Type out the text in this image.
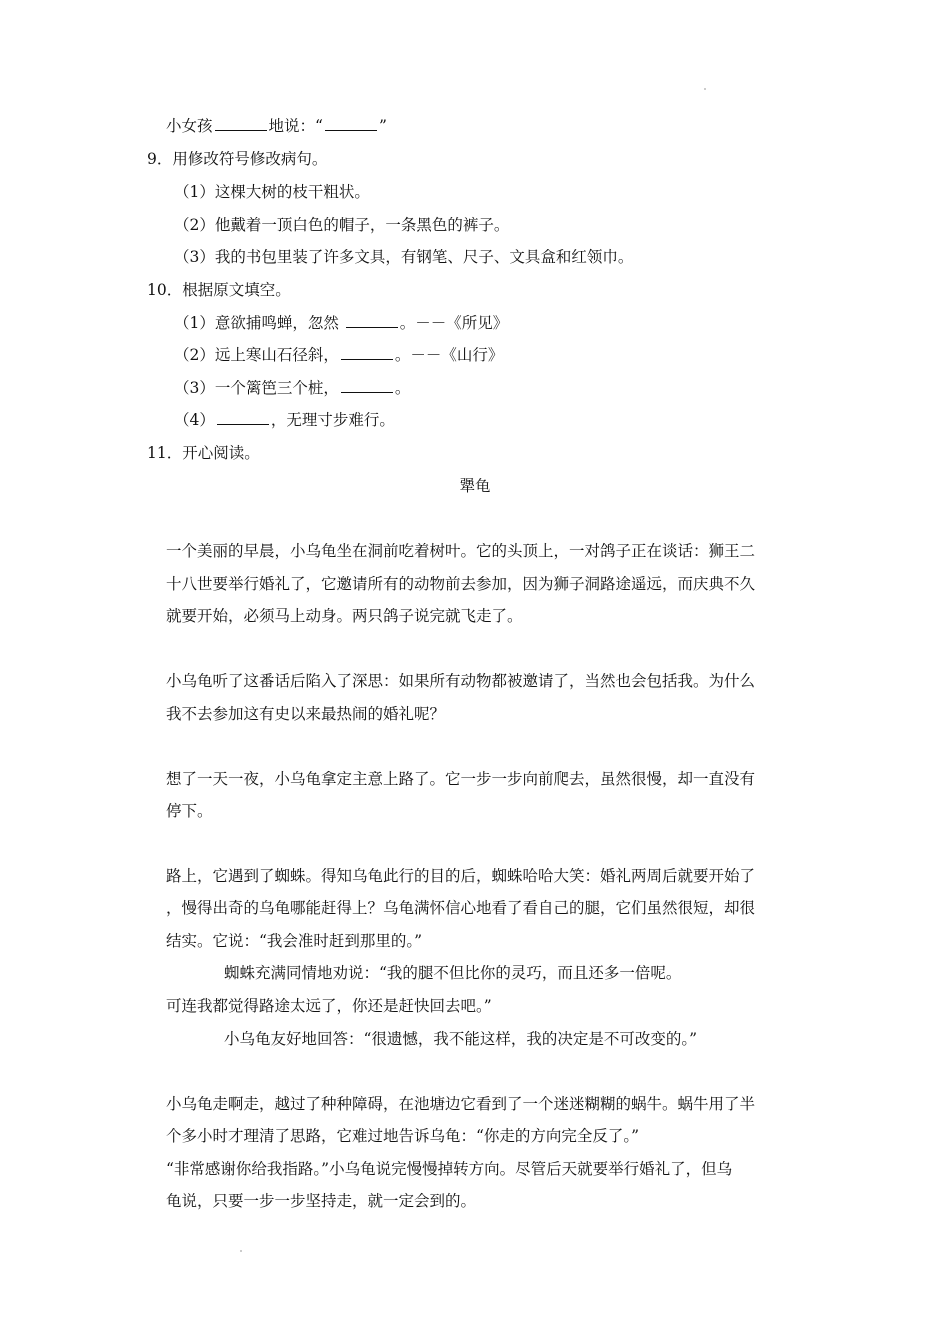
小女孩	地说：“	”
9．用修改符号修改病句。
（1）这棵大树的枝干粗状。
（2）他戴着一顶白色的帽子，一条黑色的裤子。
（3）我的书包里装了许多文具，有钢笔、尺子、文具盒和红领巾。
10．根据原文填空。
（1）意欲捕鸣蝉，忽然	。－－《所见》
（2）远上寒山石径斜，	。－－《山行》
（3）一个篱笆三个桩，	。
（4）	，无理寸步难行。
11．开心阅读。
犟龟
一个美丽的早晨，小乌龟坐在洞前吃着树叶。它的头顶上，一对鸽子正在谈话：狮王二
十八世要举行婚礼了，它邀请所有的动物前去参加，因为狮子洞路途遥远，而庆典不久
就要开始，必须马上动身。两只鸽子说完就飞走了。
小乌龟听了这番话后陷入了深思：如果所有动物都被邀请了，当然也会包括我。为什么
我不去参加这有史以来最热闹的婚礼呢？
想了一天一夜，小乌龟拿定主意上路了。它一步一步向前爬去，虽然很慢，却一直没有
停下。
路上，它遇到了蜘蛛。得知乌龟此行的目的后，蜘蛛哈哈大笑：婚礼两周后就要开始了
，慢得出奇的乌龟哪能赶得上？乌龟满怀信心地看了看自己的腿，它们虽然很短，却很
结实。它说：“我会准时赶到那里的。”
蜘蛛充满同情地劝说：“我的腿不但比你的灵巧，而且还多一倍呢。
可连我都觉得路途太远了，你还是赶快回去吧。”
小乌龟友好地回答：“很遗憾，我不能这样，我的决定是不可改变的。”
小乌龟走啊走，越过了种种障碍，在池塘边它看到了一个迷迷糊糊的蜗牛。蜗牛用了半
个多小时才理清了思路，它难过地告诉乌龟：“你走的方向完全反了。”
“非常感谢你给我指路。”小乌龟说完慢慢掉转方向。尽管后天就要举行婚礼了，但乌
龟说，只要一步一步坚持走，就一定会到的。
